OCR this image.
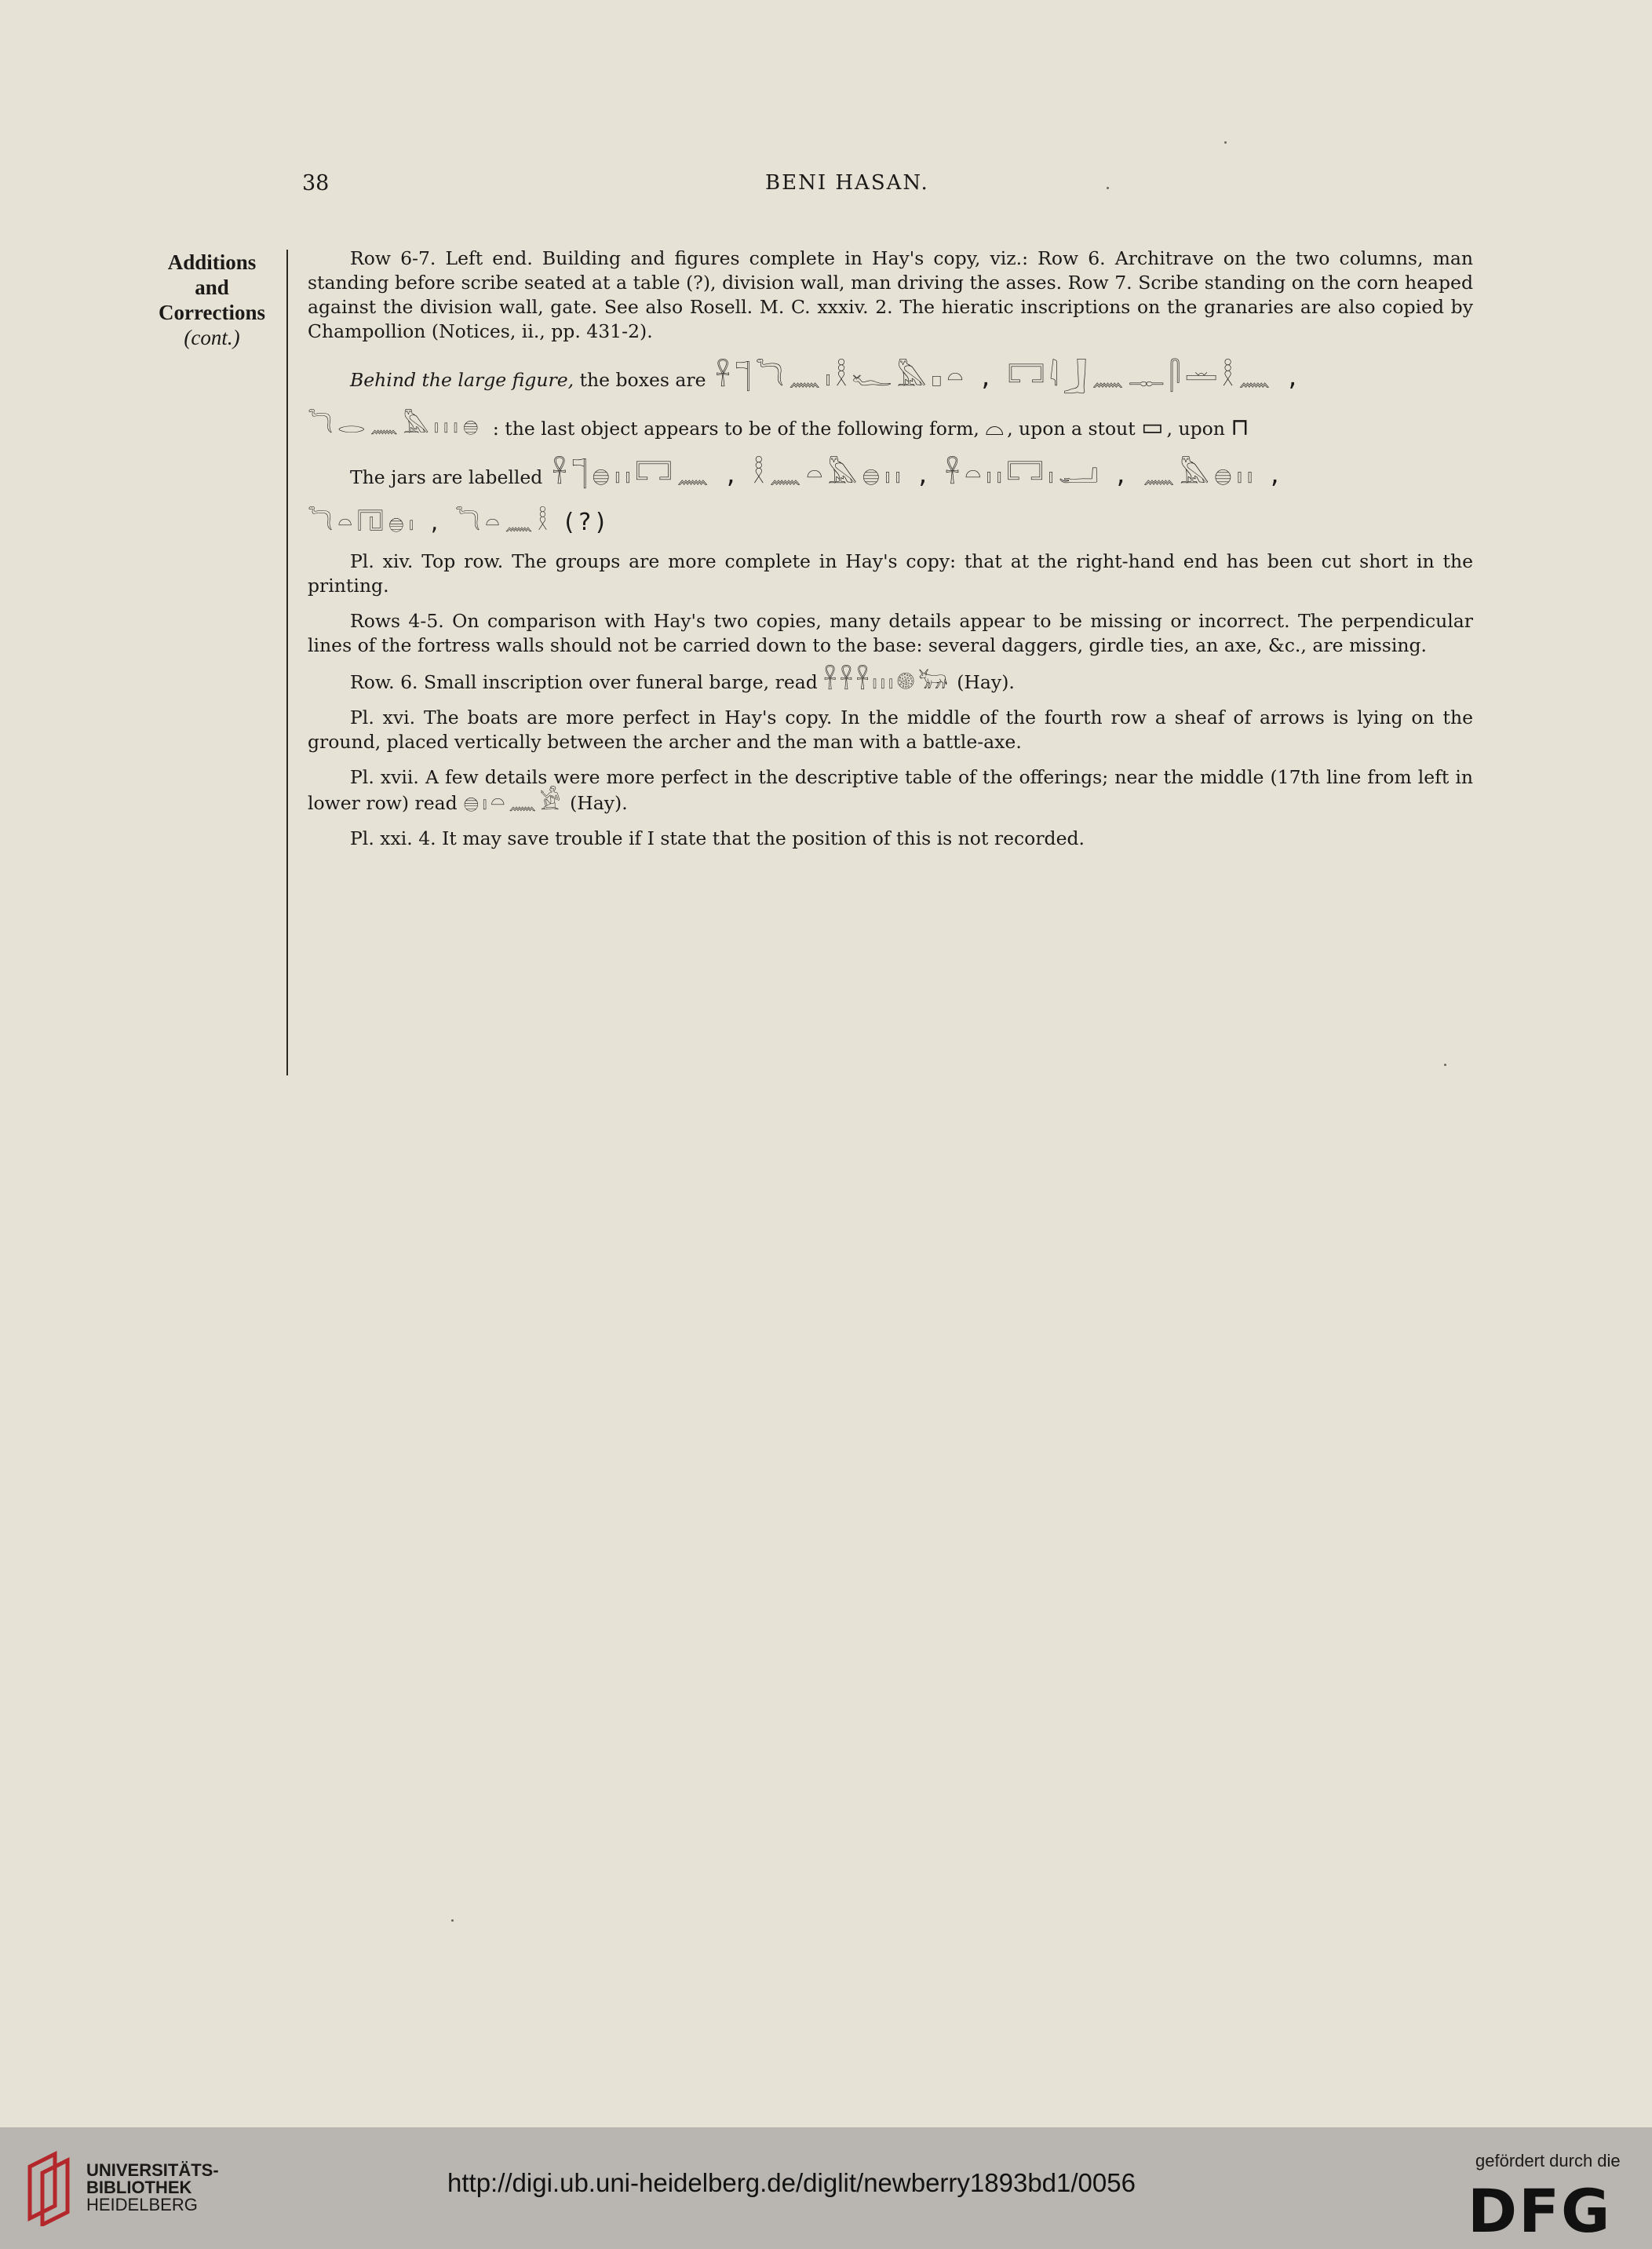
38	BENI HASAN.
Additions
and
Corrections
(cont.)

Row 6-7. Left end. Building and figures complete in Hay's copy, viz.: Row 6. Architrave on the two columns, man standing before scribe seated at a table (?), division wall, man driving the asses. Row 7. Scribe standing on the corn heaped against the division wall, gate. See also Rosell. M. C. xxxiv. 2. The hieratic inscriptions on the granaries are also copied by Champollion (Notices, ii., pp. 431-2).

Behind the large figure, the boxes are 𓋹𓊹𓆓𓈖𓏤𓎛𓆑𓅓𓊪𓏏 , 𓉐𓇋𓃀𓈖𓊃𓋴𓏛𓎛𓈖 ,
𓆓𓂋𓈖𓅓𓏤𓏤𓏤𓐍 : the last object appears to be of the following form, ⌓, upon a stout ▭, upon ⊓
The jars are labelled 𓋹𓊹𓐍𓏤𓏤𓉐𓈖 , 𓎛𓈖𓏏𓅓𓐍𓏤𓏤 , 𓋹𓏏𓏤𓏤𓉐𓏤𓂝 , 𓈖𓅓𓐍𓏤𓏤 ,
𓆓𓏏𓉔𓐍𓏤 , 𓆓𓏏𓈖𓎛 (?)

Pl. xiv. Top row. The groups are more complete in Hay's copy: that at the right-hand end has been cut short in the printing.

Rows 4-5. On comparison with Hay's two copies, many details appear to be missing or incorrect. The perpendicular lines of the fortress walls should not be carried down to the base: several daggers, girdle ties, an axe, &c., are missing.

Row. 6. Small inscription over funeral barge, read 𓋹𓋹𓋹𓏤𓏤𓏤𓊗𓃒 (Hay).

Pl. xvi. The boats are more perfect in Hay's copy. In the middle of the fourth row a sheaf of arrows is lying on the ground, placed vertically between the archer and the man with a battle-axe.

Pl. xvii. A few details were more perfect in the descriptive table of the offerings; near the middle (17th line from left in lower row) read 𓐍𓏤𓏏𓈖𓀀 (Hay).

Pl. xxi. 4. It may save trouble if I state that the position of this is not recorded.

UNIVERSITÄTS-
BIBLIOTHEK
HEIDELBERG
http://digi.ub.uni-heidelberg.de/diglit/newberry1893bd1/0056
gefördert durch die
DFG
